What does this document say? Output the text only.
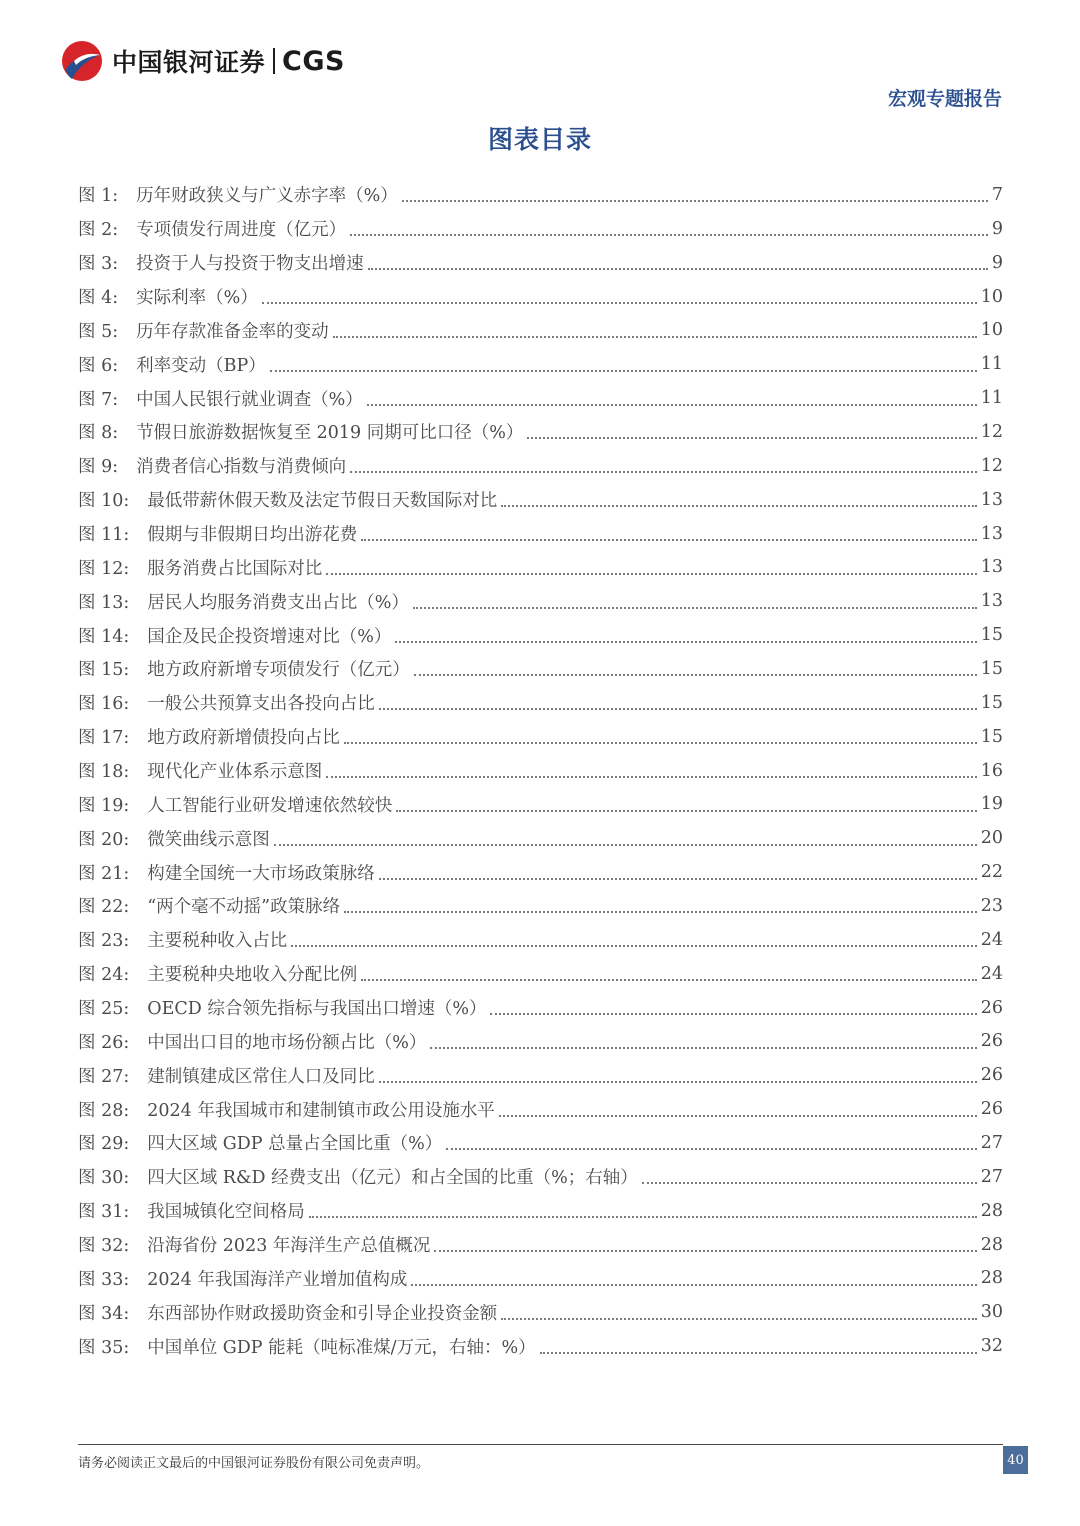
中国银河证券 CGS
宏观专题报告
图表目录
图 1: 历年财政狭义与广义赤字率（%）	7
图 2: 专项债发行周进度（亿元）	9
图 3: 投资于人与投资于物支出增速	9
图 4: 实际利率（%）	10
图 5: 历年存款准备金率的变动	10
图 6: 利率变动（BP）	11
图 7: 中国人民银行就业调查（%）	11
图 8: 节假日旅游数据恢复至 2019 同期可比口径（%）	12
图 9: 消费者信心指数与消费倾向	12
图 10: 最低带薪休假天数及法定节假日天数国际对比	13
图 11: 假期与非假期日均出游花费	13
图 12: 服务消费占比国际对比	13
图 13: 居民人均服务消费支出占比（%）	13
图 14: 国企及民企投资增速对比（%）	15
图 15: 地方政府新增专项债发行（亿元）	15
图 16: 一般公共预算支出各投向占比	15
图 17: 地方政府新增债投向占比	15
图 18: 现代化产业体系示意图	16
图 19: 人工智能行业研发增速依然较快	19
图 20: 微笑曲线示意图	20
图 21: 构建全国统一大市场政策脉络	22
图 22: “两个毫不动摇”政策脉络	23
图 23: 主要税种收入占比	24
图 24: 主要税种央地收入分配比例	24
图 25: OECD 综合领先指标与我国出口增速（%）	26
图 26: 中国出口目的地市场份额占比（%）	26
图 27: 建制镇建成区常住人口及同比	26
图 28: 2024 年我国城市和建制镇市政公用设施水平	26
图 29: 四大区域 GDP 总量占全国比重（%）	27
图 30: 四大区域 R&D 经费支出（亿元）和占全国的比重（%；右轴）	27
图 31: 我国城镇化空间格局	28
图 32: 沿海省份 2023 年海洋生产总值概况	28
图 33: 2024 年我国海洋产业增加值构成	28
图 34: 东西部协作财政援助资金和引导企业投资金额	30
图 35: 中国单位 GDP 能耗（吨标准煤/万元，右轴：%）	32
请务必阅读正文最后的中国银河证券股份有限公司免责声明。	40
